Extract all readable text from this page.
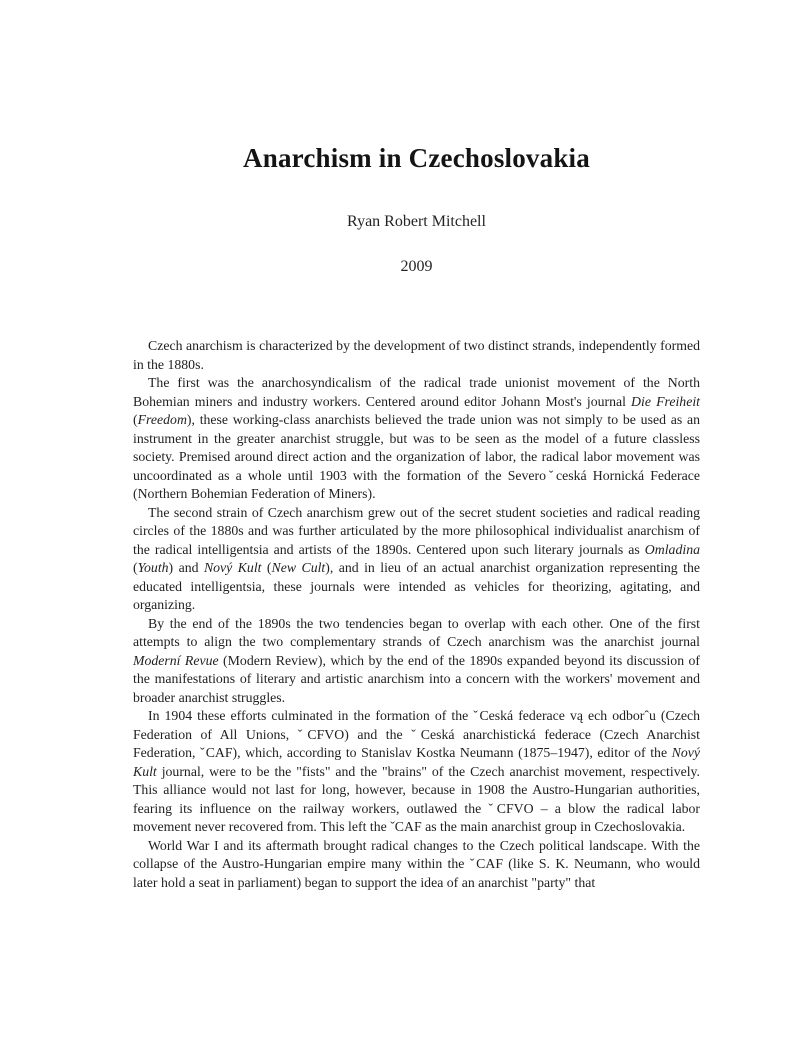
Anarchism in Czechoslovakia
Ryan Robert Mitchell
2009

Czech anarchism is characterized by the development of two distinct strands, independently formed in the 1880s.

The first was the anarchosyndicalism of the radical trade unionist movement of the North Bohemian miners and industry workers. Centered around editor Johann Most's journal Die Freiheit (Freedom), these working-class anarchists believed the trade union was not simply to be used as an instrument in the greater anarchist struggle, but was to be seen as the model of a future classless society. Premised around direct action and the organization of labor, the radical labor movement was uncoordinated as a whole until 1903 with the formation of the Severoˇceská Hornická Federace (Northern Bohemian Federation of Miners).

The second strain of Czech anarchism grew out of the secret student societies and radical reading circles of the 1880s and was further articulated by the more philosophical individualist anarchism of the radical intelligentsia and artists of the 1890s. Centered upon such literary journals as Omladina (Youth) and Nový Kult (New Cult), and in lieu of an actual anarchist organization representing the educated intelligentsia, these journals were intended as vehicles for theorizing, agitating, and organizing.

By the end of the 1890s the two tendencies began to overlap with each other. One of the first attempts to align the two complementary strands of Czech anarchism was the anarchist journal Moderní Revue (Modern Review), which by the end of the 1890s expanded beyond its discussion of the manifestations of literary and artistic anarchism into a concern with the workers' movement and broader anarchist struggles.

In 1904 these efforts culminated in the formation of the ˇCeská federace vą ech odborˆu (Czech Federation of All Unions, ˇCFVO) and the ˇCeská anarchistická federace (Czech Anarchist Federation, ˇCAF), which, according to Stanislav Kostka Neumann (1875–1947), editor of the Nový Kult journal, were to be the "fists" and the "brains" of the Czech anarchist movement, respectively. This alliance would not last for long, however, because in 1908 the Austro-Hungarian authorities, fearing its influence on the railway workers, outlawed the ˇCFVO – a blow the radical labor movement never recovered from. This left the ˇCAF as the main anarchist group in Czechoslovakia.

World War I and its aftermath brought radical changes to the Czech political landscape. With the collapse of the Austro-Hungarian empire many within the ˇCAF (like S. K. Neumann, who would later hold a seat in parliament) began to support the idea of an anarchist "party" that
